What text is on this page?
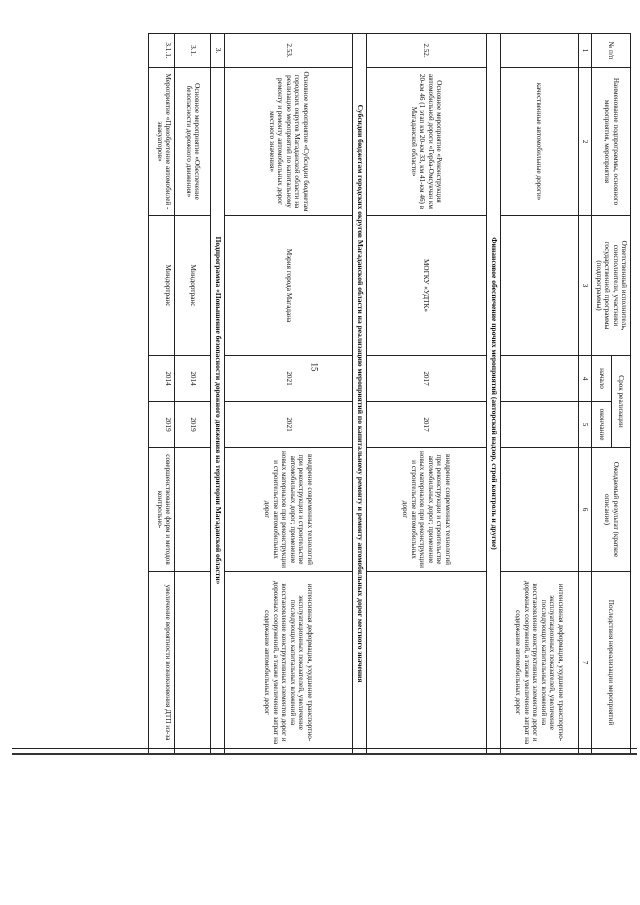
15
№ п/п	Наименование подпрограммы, основного мероприятия, мероприятия	Ответственный исполнитель, соисполнители, участники государственной программы (подпрограммы)	Срок реализации		Ожидаемый результат (краткое описание)	Последствия нереализации мероприятий
			начало	окончание		
1	2	3	4	5	6	7
	качественные автомобильные дороги»					интенсивная деформация, ухудшение транспортно-эксплуатационных показателей, увеличение последующих капитальных вложений на восстановление конструктивных элементов дорог и дорожных сооружений, а также увеличение затрат на содержание автомобильных дорог
Финансовое обеспечение прочих мероприятий (авторский надзор, строй контроль и другие)						
2.52.	Основное мероприятие «Реконструкция автомобильной дороги «Герба-Омсукчан км 20-км 46 (1 этап км 20-км 33, км 41-км 46) в Магаданской области»	МОГКУ «УДТК»	2017	2017	внедрение современных технологий при реконструкции и строительстве автомобильных дорог; применение новых материалов при реконструкции и строительстве автомобильных дорог	
Субсидии бюджетам городских округов Магаданской области на реализацию мероприятий по капитальному ремонту и ремонту автомобильных дорог местного значения						
2.53.	Основное мероприятие «Субсидии бюджетам городских округов Магаданской области на реализацию мероприятий по капитальному ремонту и ремонту автомобильных дорог местного значения»	Мэрия города Магадана	2021	2021	внедрение современных технологий при реконструкции и строительстве автомобильных дорог; применение новых материалов при реконструкции и строительстве автомобильных дорог	интенсивная деформация, ухудшение транспортно-эксплуатационных показателей, увеличение последующих капитальных вложений на восстановление конструктивных элементов дорог и дорожных сооружений, а также увеличение затрат на содержание автомобильных дорог
3.	Подпрограмма «Повышение безопасности дорожного движения на территории Магаданской области»					
3.1.	Основное мероприятие «Обеспечение безопасности дорожного движения»	Миндортранс	2014	2019		
3.1.1.	Мероприятие «Приобретение автомобилей - эвакуаторов»	Миндортранс	2014	2019	совершенствование форм и методов контрольно-	увеличение вероятности возникновения ДТП из-за
